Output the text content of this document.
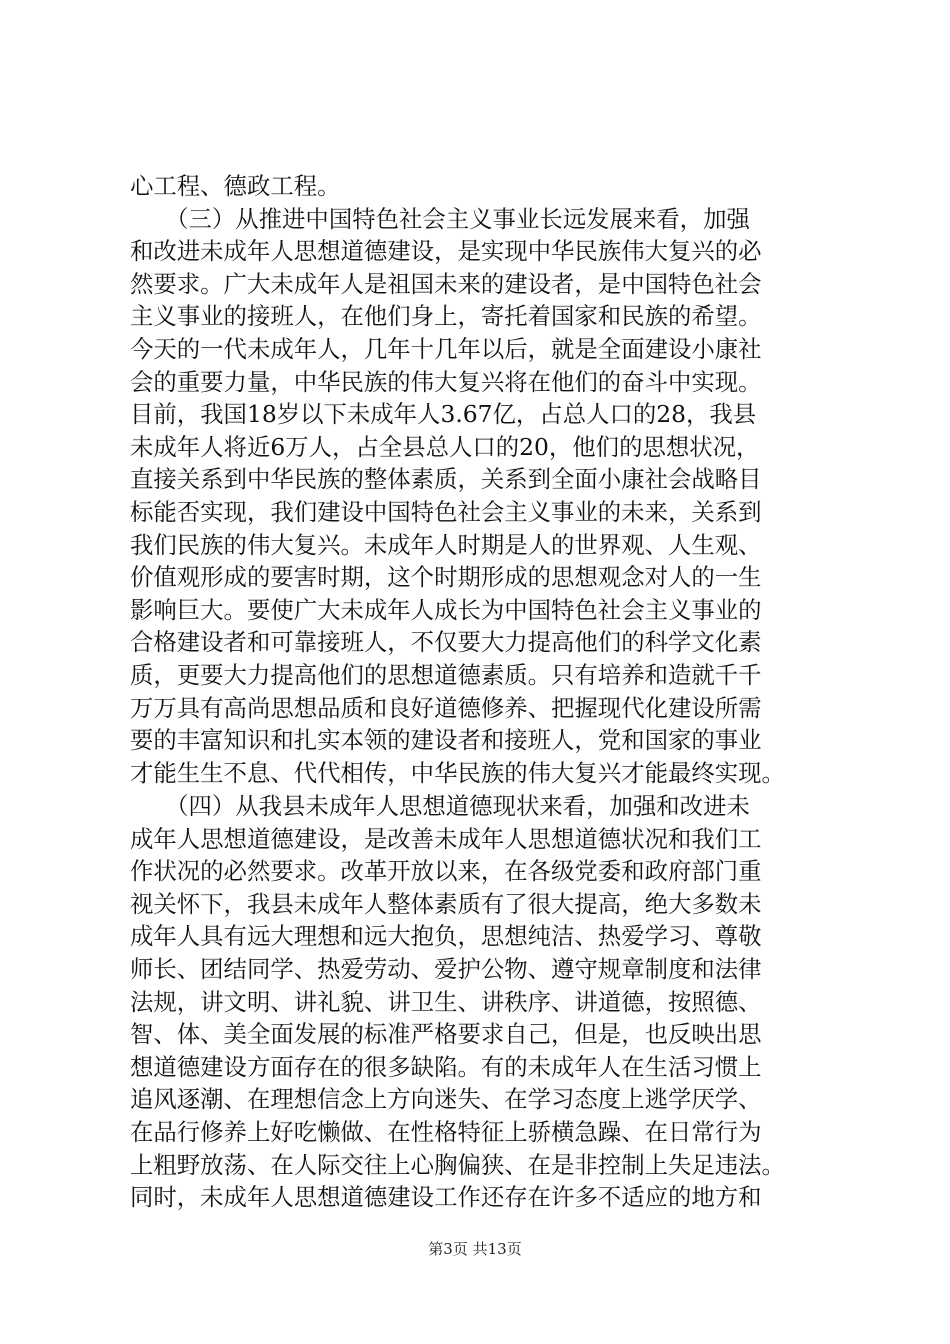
心工程、德政工程。
　　（三）从推进中国特色社会主义事业长远发展来看，加强
和改进未成年人思想道德建设，是实现中华民族伟大复兴的必
然要求。广大未成年人是祖国未来的建设者，是中国特色社会
主义事业的接班人，在他们身上，寄托着国家和民族的希望。
今天的一代未成年人，几年十几年以后，就是全面建设小康社
会的重要力量，中华民族的伟大复兴将在他们的奋斗中实现。
目前，我国18岁以下未成年人3.67亿，占总人口的28，我县
未成年人将近6万人，占全县总人口的20，他们的思想状况，
直接关系到中华民族的整体素质，关系到全面小康社会战略目
标能否实现，我们建设中国特色社会主义事业的未来，关系到
我们民族的伟大复兴。未成年人时期是人的世界观、人生观、
价值观形成的要害时期，这个时期形成的思想观念对人的一生
影响巨大。要使广大未成年人成长为中国特色社会主义事业的
合格建设者和可靠接班人，不仅要大力提高他们的科学文化素
质，更要大力提高他们的思想道德素质。只有培养和造就千千
万万具有高尚思想品质和良好道德修养、把握现代化建设所需
要的丰富知识和扎实本领的建设者和接班人，党和国家的事业
才能生生不息、代代相传，中华民族的伟大复兴才能最终实现。
　　（四）从我县未成年人思想道德现状来看，加强和改进未
成年人思想道德建设，是改善未成年人思想道德状况和我们工
作状况的必然要求。改革开放以来，在各级党委和政府部门重
视关怀下，我县未成年人整体素质有了很大提高，绝大多数未
成年人具有远大理想和远大抱负，思想纯洁、热爱学习、尊敬
师长、团结同学、热爱劳动、爱护公物、遵守规章制度和法律
法规，讲文明、讲礼貌、讲卫生、讲秩序、讲道德，按照德、
智、体、美全面发展的标准严格要求自己，但是，也反映出思
想道德建设方面存在的很多缺陷。有的未成年人在生活习惯上
追风逐潮、在理想信念上方向迷失、在学习态度上逃学厌学、
在品行修养上好吃懒做、在性格特征上骄横急躁、在日常行为
上粗野放荡、在人际交往上心胸偏狭、在是非控制上失足违法。
同时，未成年人思想道德建设工作还存在许多不适应的地方和
第3页 共13页
